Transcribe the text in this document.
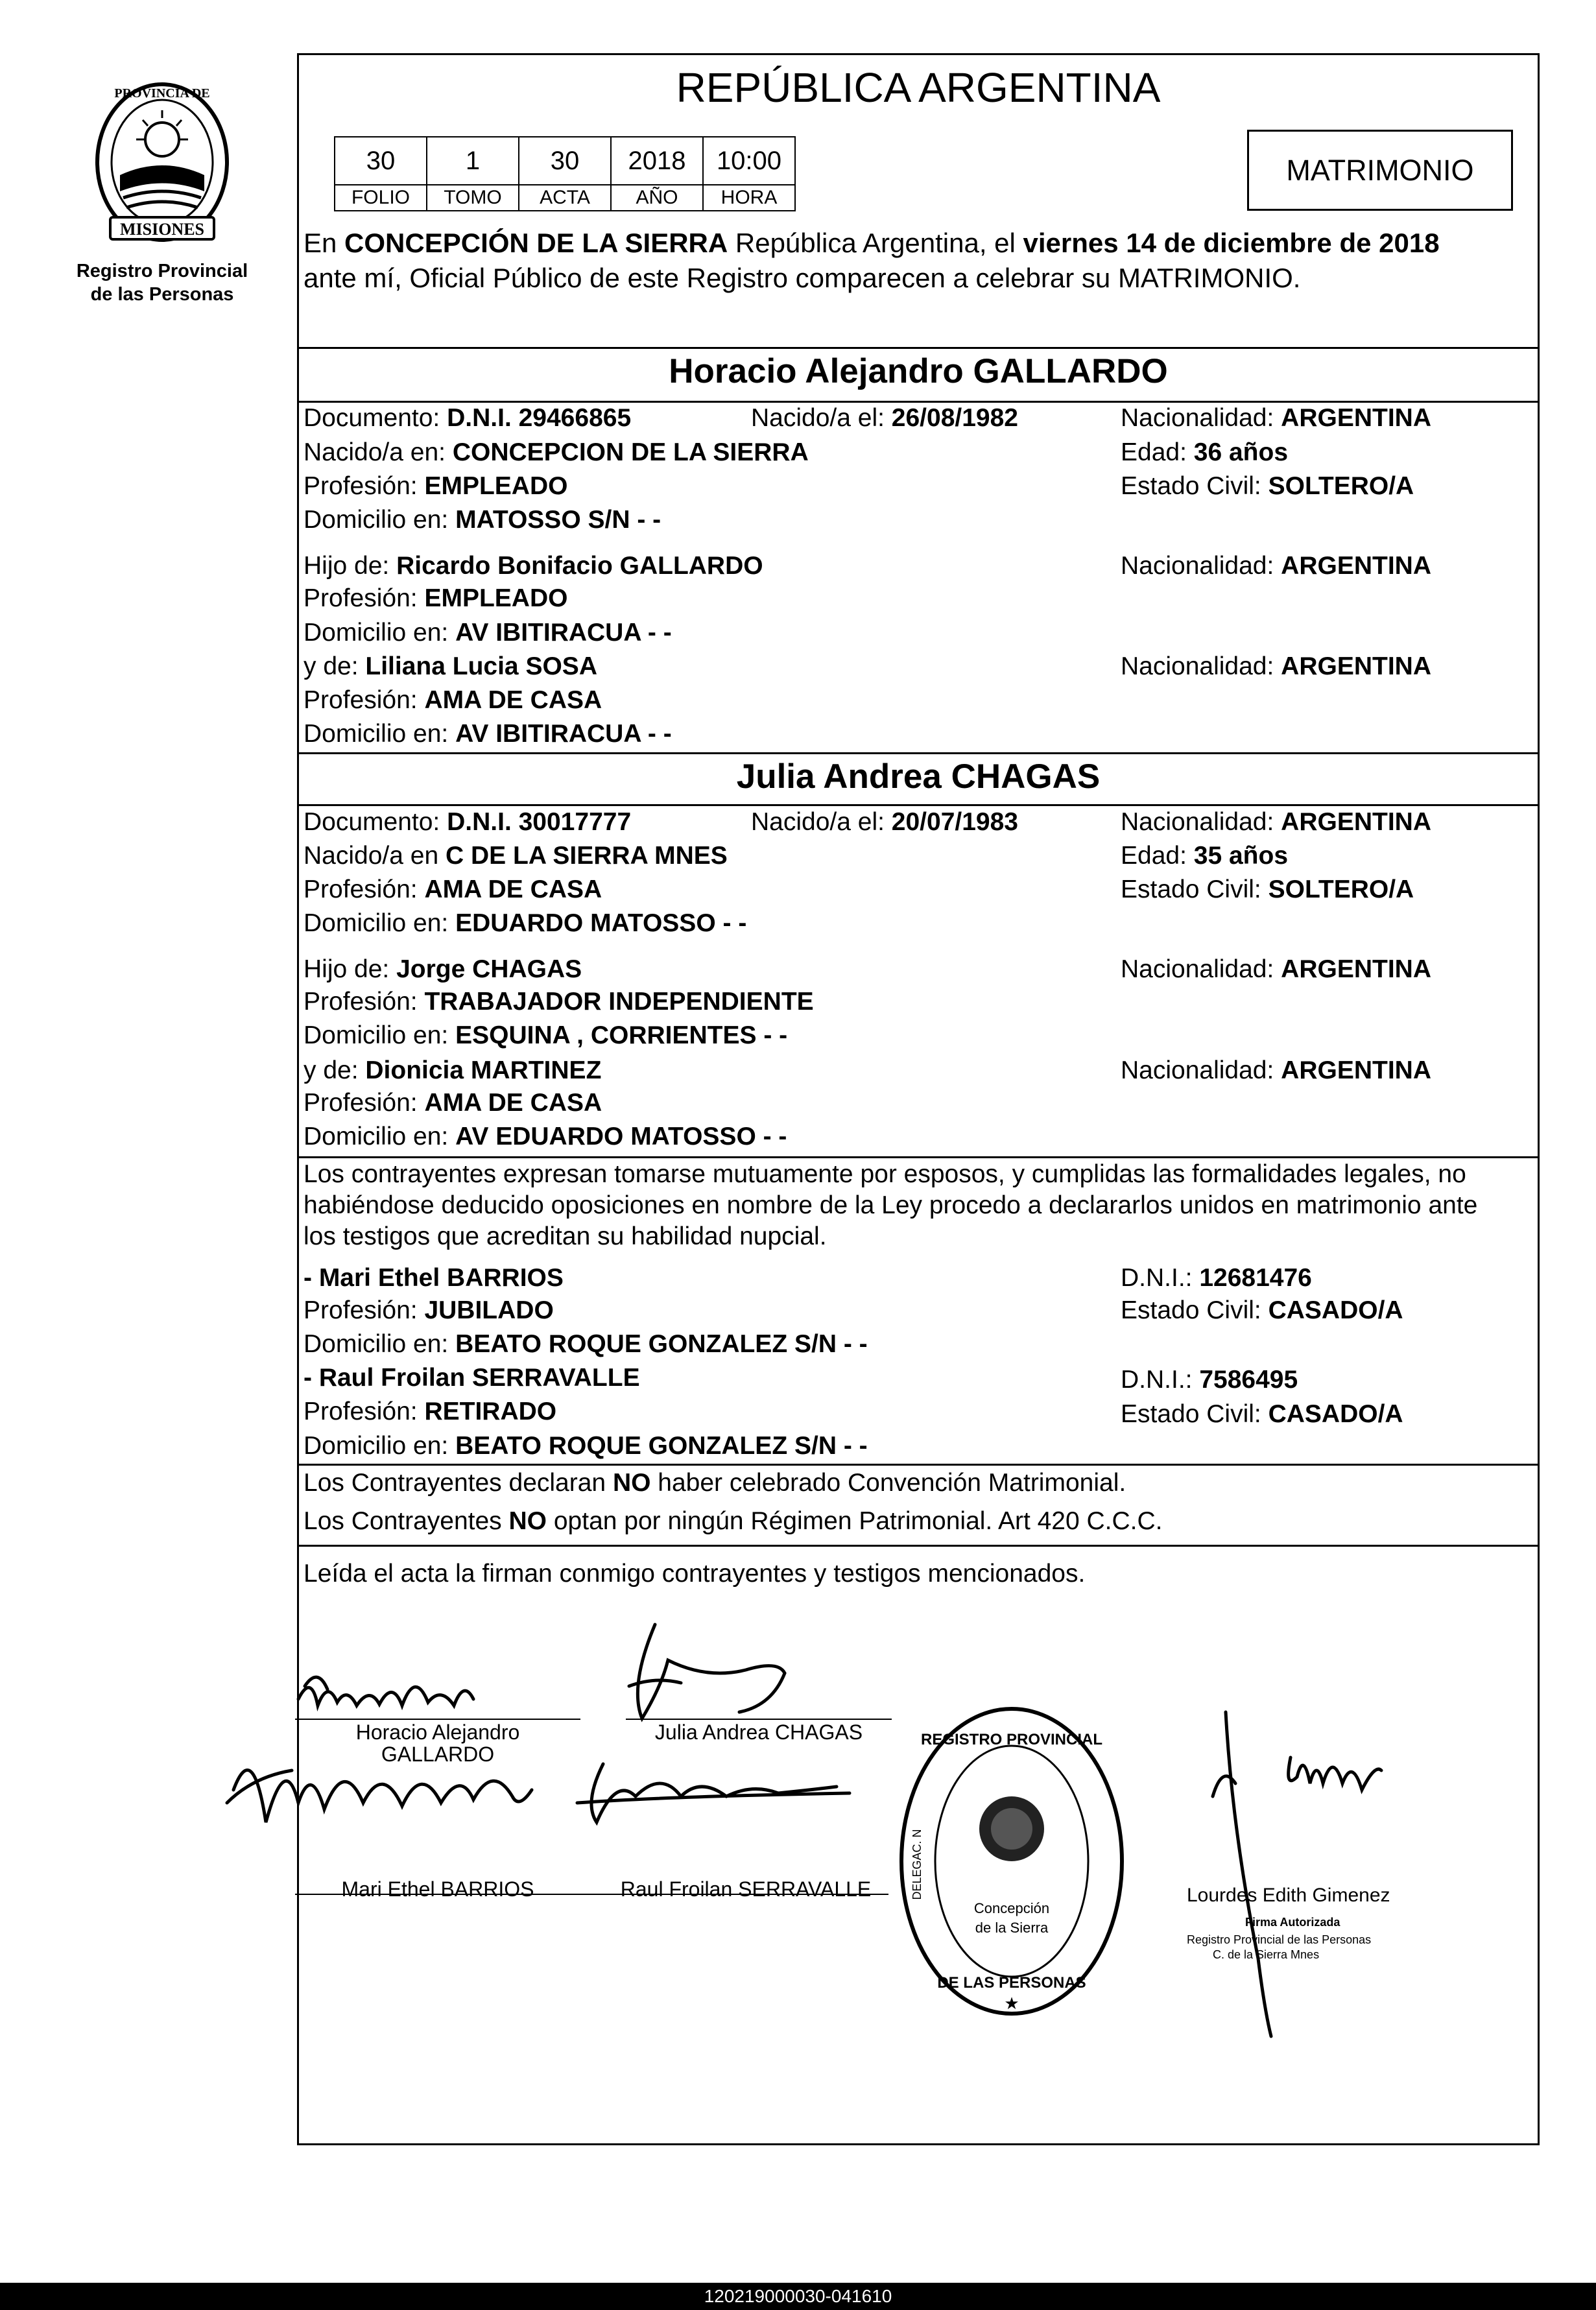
MISIONES
PROVINCIA DE
Registro Provincial
de las Personas
REPÚBLICA ARGENTINA
30	1	30	2018	10:00
FOLIO	TOMO	ACTA	AÑO	HORA
MATRIMONIO
En CONCEPCIÓN DE LA SIERRA República Argentina, el viernes 14 de diciembre de 2018
ante mí, Oficial Público de este Registro comparecen a celebrar su MATRIMONIO.
Horacio Alejandro GALLARDO
Documento: D.N.I. 29466865	Nacido/a el: 26/08/1982	Nacionalidad: ARGENTINA
Nacido/a en: CONCEPCION DE LA SIERRA	Edad: 36 años
Profesión: EMPLEADO	Estado Civil: SOLTERO/A
Domicilio en: MATOSSO S/N - -
Hijo de: Ricardo Bonifacio GALLARDO	Nacionalidad: ARGENTINA
Profesión: EMPLEADO
Domicilio en: AV IBITIRACUA - -
y de: Liliana Lucia SOSA	Nacionalidad: ARGENTINA
Profesión: AMA DE CASA
Domicilio en: AV IBITIRACUA - -
Julia Andrea CHAGAS
Documento: D.N.I. 30017777	Nacido/a el: 20/07/1983	Nacionalidad: ARGENTINA
Nacido/a en C DE LA SIERRA MNES	Edad: 35 años
Profesión: AMA DE CASA	Estado Civil: SOLTERO/A
Domicilio en: EDUARDO MATOSSO - -
Hijo de: Jorge CHAGAS	Nacionalidad: ARGENTINA
Profesión: TRABAJADOR INDEPENDIENTE
Domicilio en: ESQUINA , CORRIENTES - -
y de: Dionicia MARTINEZ	Nacionalidad: ARGENTINA
Profesión: AMA DE CASA
Domicilio en: AV EDUARDO MATOSSO - -
Los contrayentes expresan tomarse mutuamente por esposos, y cumplidas las formalidades legales, no
habiéndose deducido oposiciones en nombre de la Ley procedo a declararlos unidos en matrimonio ante
los testigos que acreditan su habilidad nupcial.
- Mari Ethel BARRIOS	D.N.I.: 12681476
Profesión: JUBILADO	Estado Civil: CASADO/A
Domicilio en: BEATO ROQUE GONZALEZ S/N - -
- Raul Froilan SERRAVALLE	D.N.I.: 7586495
Profesión: RETIRADO	Estado Civil: CASADO/A
Domicilio en: BEATO ROQUE GONZALEZ S/N - -
Los Contrayentes declaran NO haber celebrado Convención Matrimonial.
Los Contrayentes NO optan por ningún Régimen Patrimonial. Art 420 C.C.C.
Leída el acta la firman conmigo contrayentes y testigos mencionados.
Horacio Alejandro
GALLARDO
Julia Andrea CHAGAS
Mari Ethel BARRIOS	Raul Froilan SERRAVALLE
REGISTRO PROVINCIAL
DE LAS PERSONAS
Concepción
de la Sierra
DELEGAC. N
★
Lourdes Edith Gimenez
Firma Autorizada
Registro Provincial de las Personas
C. de la Sierra Mnes
120219000030-041610
